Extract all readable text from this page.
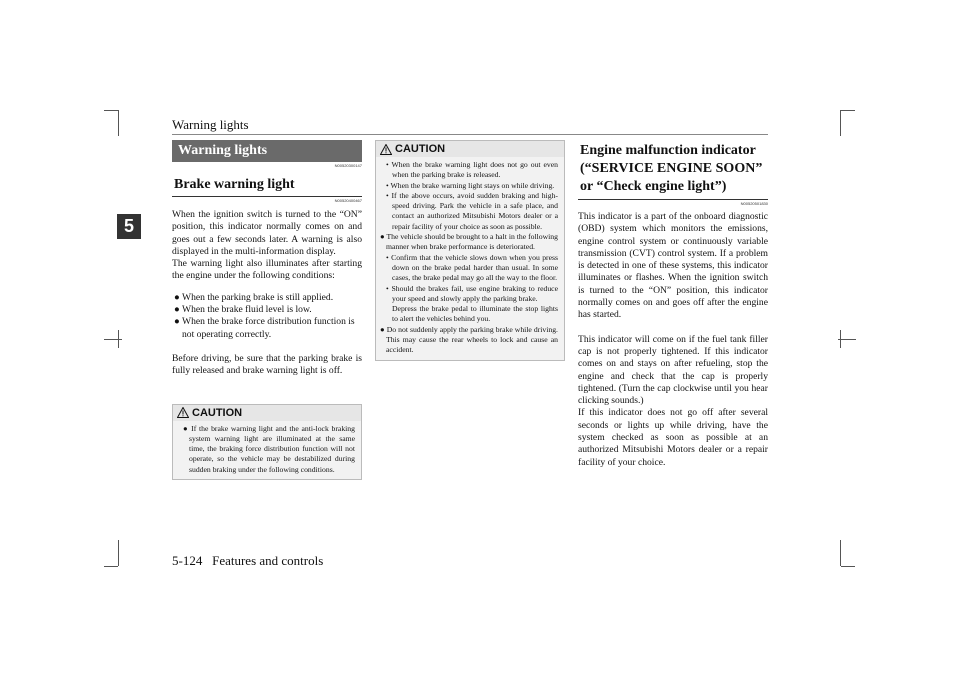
Warning lights
5
Warning lights
N00520300147
Brake warning light
N00520400467

When the ignition switch is turned to the “ON” position, this indicator normally comes on and goes out a few seconds later. A warning is also displayed in the multi-information display.

The warning light also illuminates after starting the engine under the following conditions:

● When the parking brake is still applied.

● When the brake fluid level is low.

● When the brake force distribution function is not operating correctly.

Before driving, be sure that the parking brake is fully released and brake warning light is off.

CAUTION

● If the brake warning light and the anti-lock braking system warning light are illuminated at the same time, the braking force distribution function will not operate, so the vehicle may be destabilized during sudden braking under the following conditions.

CAUTION

• When the brake warning light does not go out even when the parking brake is released.

• When the brake warning light stays on while driving.

• If the above occurs, avoid sudden braking and high-speed driving. Park the vehicle in a safe place, and contact an authorized Mitsubishi Motors dealer or a repair facility of your choice as soon as possible.

● The vehicle should be brought to a halt in the following manner when brake performance is deteriorated.

• Confirm that the vehicle slows down when you press down on the brake pedal harder than usual. In some cases, the brake pedal may go all the way to the floor.

• Should the brakes fail, use engine braking to reduce your speed and slowly apply the parking brake.

Depress the brake pedal to illuminate the stop lights to alert the vehicles behind you.

● Do not suddenly apply the parking brake while driving. This may cause the rear wheels to lock and cause an accident.

Engine malfunction indicator (“SERVICE ENGINE SOON” or “Check engine light”)
N00520501830

This indicator is a part of the onboard diagnostic (OBD) system which monitors the emissions, engine control system or continuously variable transmission (CVT) control system. If a problem is detected in one of these systems, this indicator illuminates or flashes. When the ignition switch is turned to the “ON” position, this indicator normally comes on and goes off after the engine has started.

This indicator will come on if the fuel tank filler cap is not properly tightened. If this indicator comes on and stays on after refueling, stop the engine and check that the cap is properly tightened. (Turn the cap clockwise until you hear clicking sounds.)

If this indicator does not go off after several seconds or lights up while driving, have the system checked as soon as possible at an authorized Mitsubishi Motors dealer or a repair facility of your choice.

5-124 Features and controls
